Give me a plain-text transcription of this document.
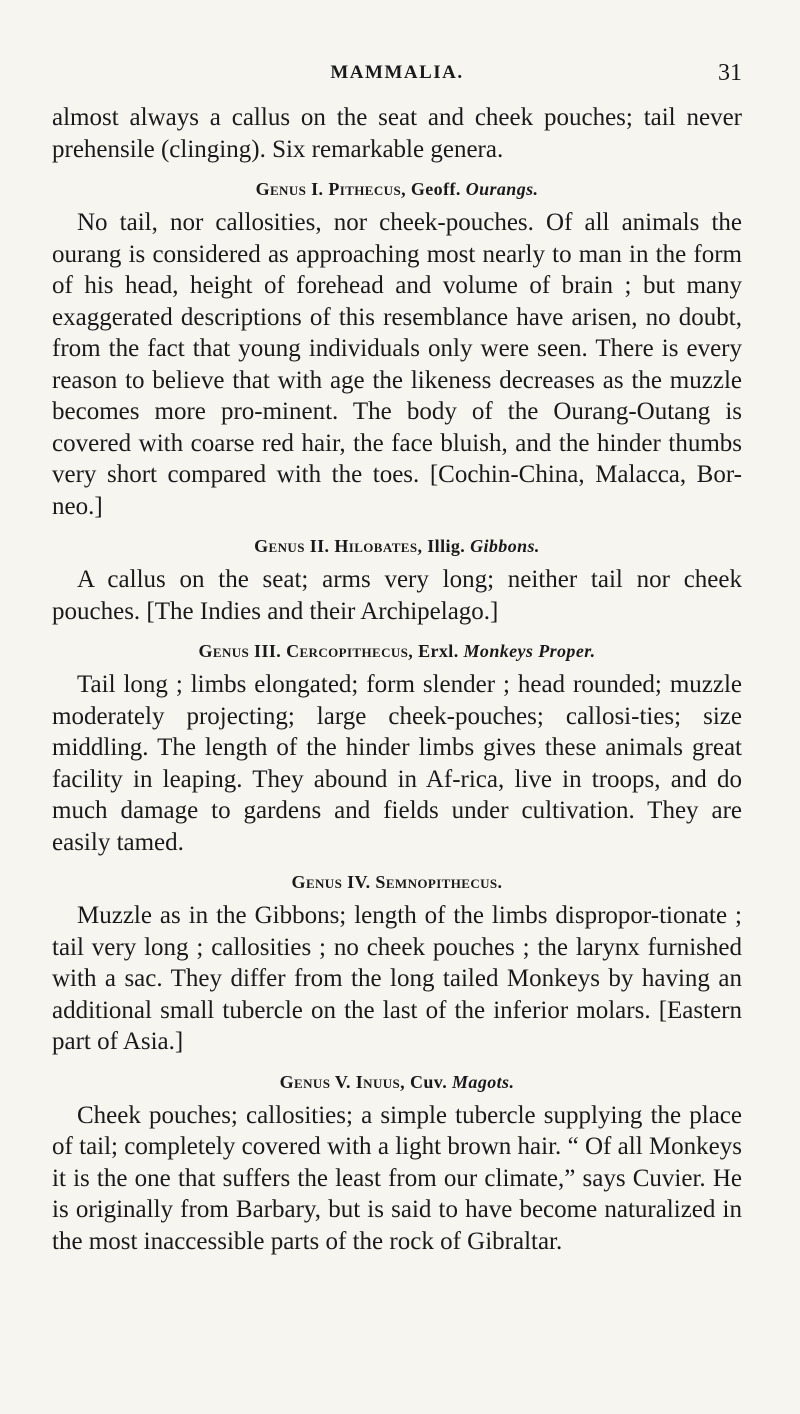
MAMMALIA.	31

almost always a callus on the seat and cheek pouches; tail never prehensile (clinging). Six remarkable genera.

Genus I. Pithecus, Geoff. Ourangs.

No tail, nor callosities, nor cheek-pouches. Of all animals the ourang is considered as approaching most nearly to man in the form of his head, height of forehead and volume of brain ; but many exaggerated descriptions of this resemblance have arisen, no doubt, from the fact that young individuals only were seen. There is every reason to believe that with age the likeness decreases as the muzzle becomes more pro-minent. The body of the Ourang-Outang is covered with coarse red hair, the face bluish, and the hinder thumbs very short compared with the toes. [Cochin-China, Malacca, Bor-neo.]

Genus II. Hilobates, Illig. Gibbons.

A callus on the seat; arms very long; neither tail nor cheek pouches. [The Indies and their Archipelago.]

Genus III. Cercopithecus, Erxl. Monkeys Proper.

Tail long ; limbs elongated; form slender ; head rounded; muzzle moderately projecting; large cheek-pouches; callosi-ties; size middling. The length of the hinder limbs gives these animals great facility in leaping. They abound in Af-rica, live in troops, and do much damage to gardens and fields under cultivation. They are easily tamed.

Genus IV. Semnopithecus.

Muzzle as in the Gibbons; length of the limbs dispropor-tionate ; tail very long ; callosities ; no cheek pouches ; the larynx furnished with a sac. They differ from the long tailed Monkeys by having an additional small tubercle on the last of the inferior molars. [Eastern part of Asia.]

Genus V. Inuus, Cuv. Magots.

Cheek pouches; callosities; a simple tubercle supplying the place of tail; completely covered with a light brown hair. “ Of all Monkeys it is the one that suffers the least from our climate,” says Cuvier. He is originally from Barbary, but is said to have become naturalized in the most inaccessible parts of the rock of Gibraltar.
